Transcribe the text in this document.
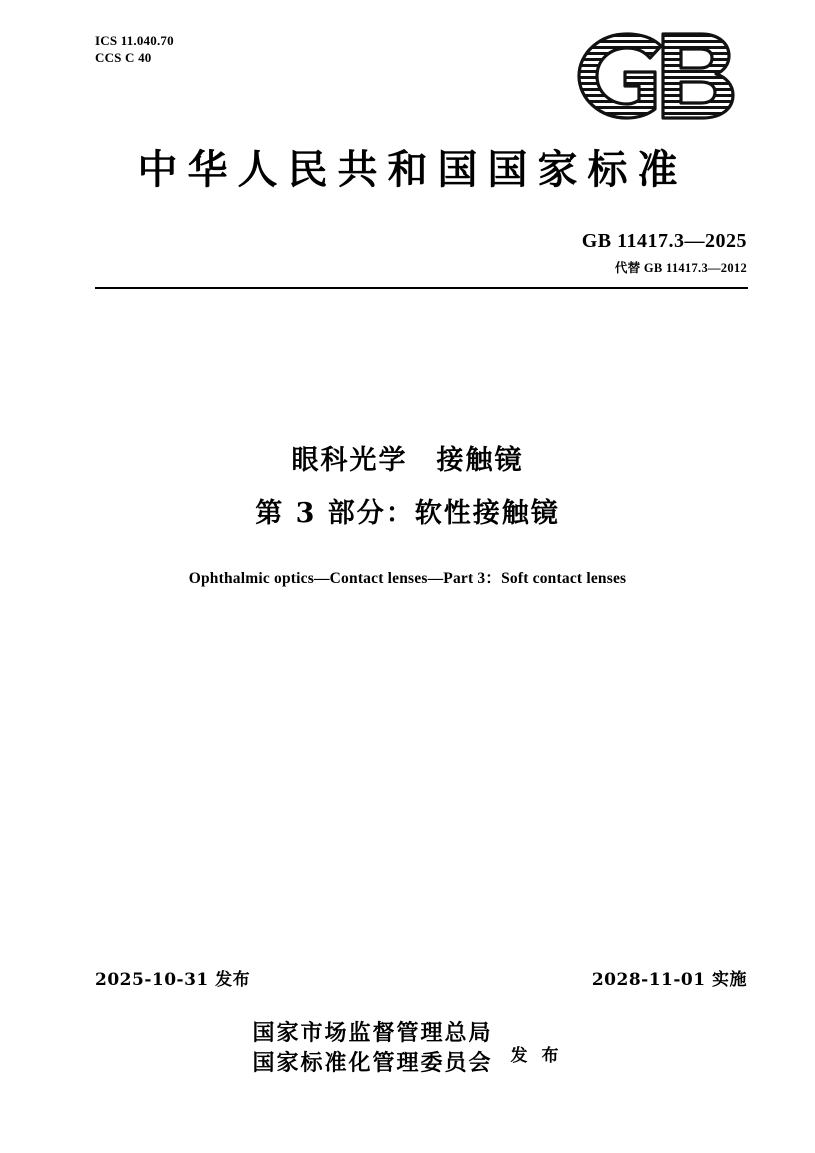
ICS 11.040.70
CCS C 40
中华人民共和国国家标准
GB 11417.3—2025
代替 GB 11417.3—2012
眼科光学　接触镜
第 3 部分：软性接触镜
Ophthalmic optics—Contact lenses—Part 3：Soft contact lenses
2025-10-31 发布	2028-11-01 实施
国家市场监督管理总局
国家标准化管理委员会 发 布
